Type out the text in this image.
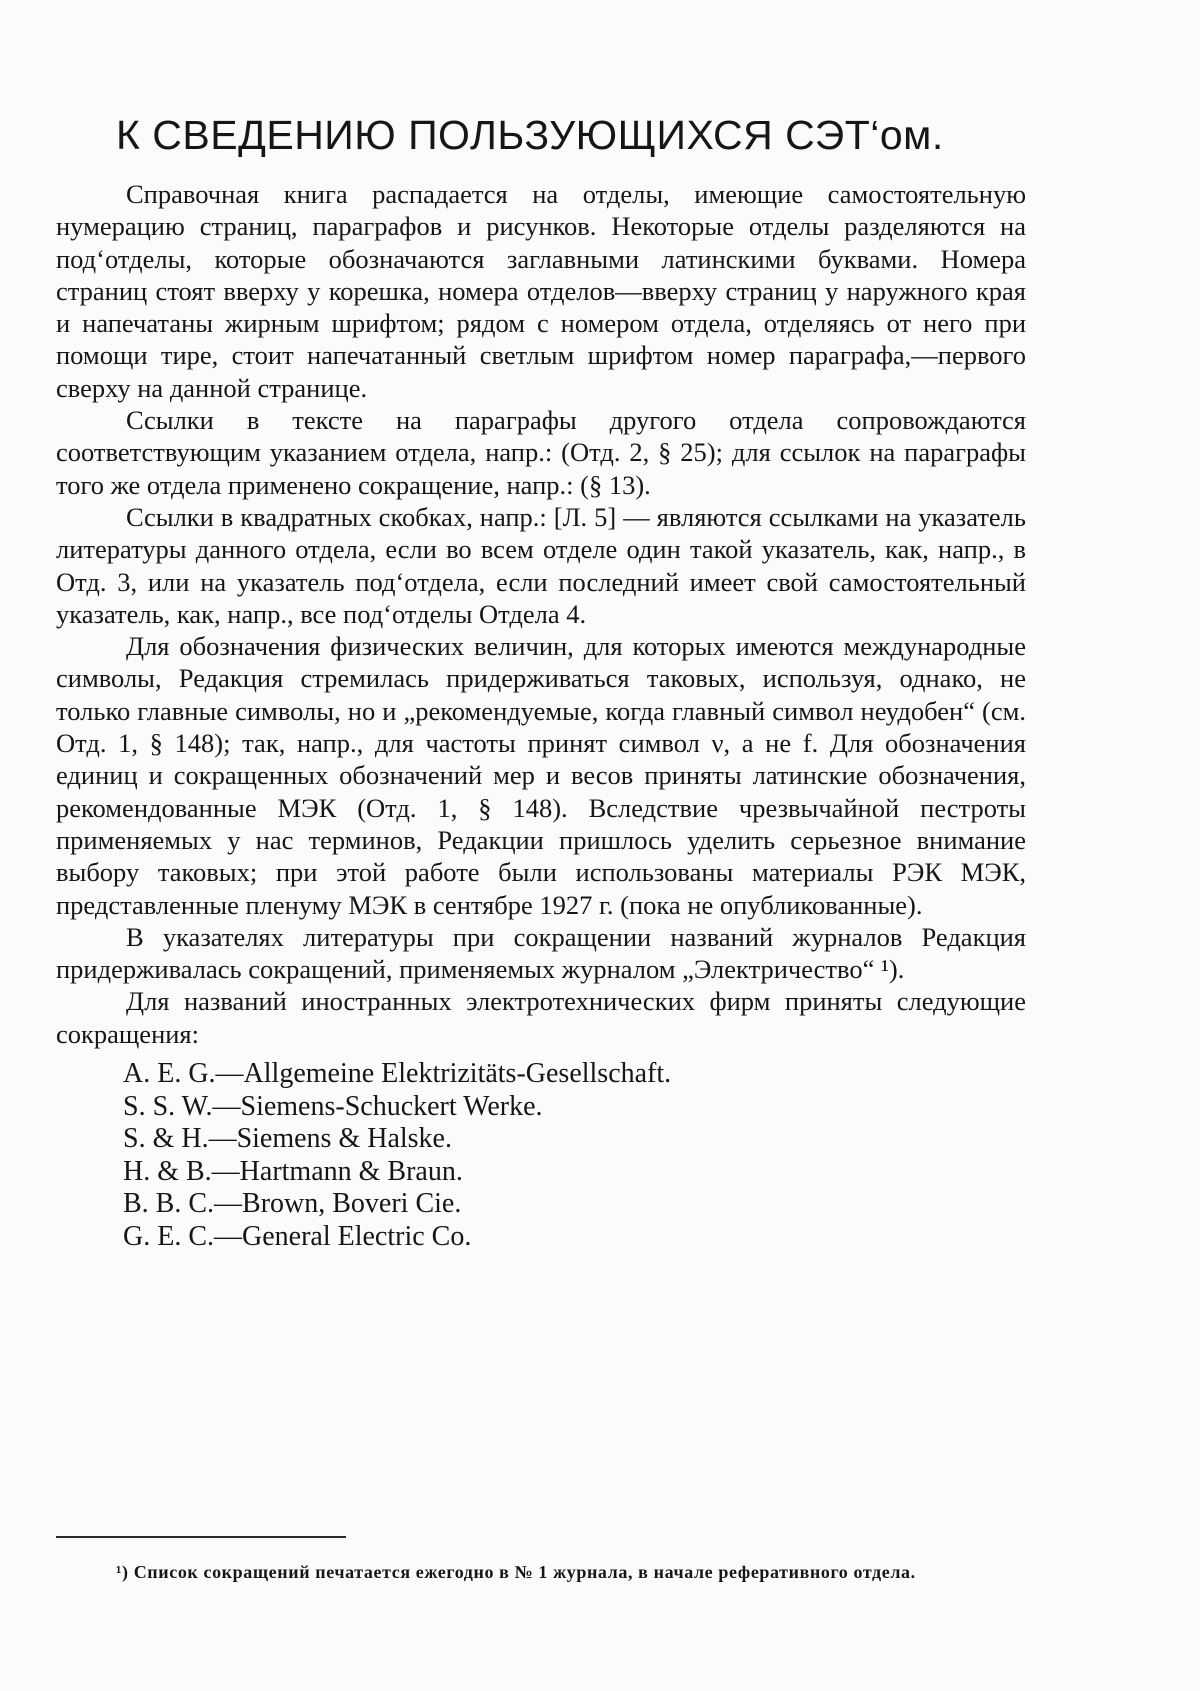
К СВЕДЕНИЮ ПОЛЬЗУЮЩИХСЯ СЭТ‘ом.

Справочная книга распадается на отделы, имеющие самостоятельную нумерацию страниц, параграфов и рисунков. Некоторые отделы разделяются на под‘отделы, которые обозначаются заглавными латинскими буквами. Номера страниц стоят вверху у корешка, номера отделов—вверху страниц у наружного края и напечатаны жирным шрифтом; рядом с номером отдела, отделяясь от него при помощи тире, стоит напечатанный светлым шрифтом номер параграфа,—первого сверху на данной странице.

Ссылки в тексте на параграфы другого отдела сопровождаются соответствующим указанием отдела, напр.: (Отд. 2, § 25); для ссылок на параграфы того же отдела применено сокращение, напр.: (§ 13).

Ссылки в квадратных скобках, напр.: [Л. 5] — являются ссылками на указатель литературы данного отдела, если во всем отделе один такой указатель, как, напр., в Отд. 3, или на указатель под‘отдела, если последний имеет свой самостоятельный указатель, как, напр., все под‘отделы Отдела 4.

Для обозначения физических величин, для которых имеются международные символы, Редакция стремилась придерживаться таковых, используя, однако, не только главные символы, но и „рекомендуемые, когда главный символ неудобен“ (см. Отд. 1, § 148); так, напр., для частоты принят символ ν, а не f. Для обозначения единиц и сокращенных обозначений мер и весов приняты латинские обозначения, рекомендованные МЭК (Отд. 1, § 148). Вследствие чрезвычайной пестроты применяемых у нас терминов, Редакции пришлось уделить серьезное внимание выбору таковых; при этой работе были использованы материалы РЭК МЭК, представленные пленуму МЭК в сентябре 1927 г. (пока не опубликованные).

В указателях литературы при сокращении названий журналов Редакция придерживалась сокращений, применяемых журналом „Электричество“ ¹).

Для названий иностранных электротехнических фирм приняты следующие сокращения:

A. E. G.—Allgemeine Elektrizitäts-Gesellschaft.
S. S. W.—Siemens-Schuckert Werke.
S. & H.—Siemens & Halske.
H. & B.—Hartmann & Braun.
B. B. C.—Brown, Boveri Cie.
G. E. C.—General Electric Co.

¹) Список сокращений печатается ежегодно в № 1 журнала, в начале реферативного отдела.
